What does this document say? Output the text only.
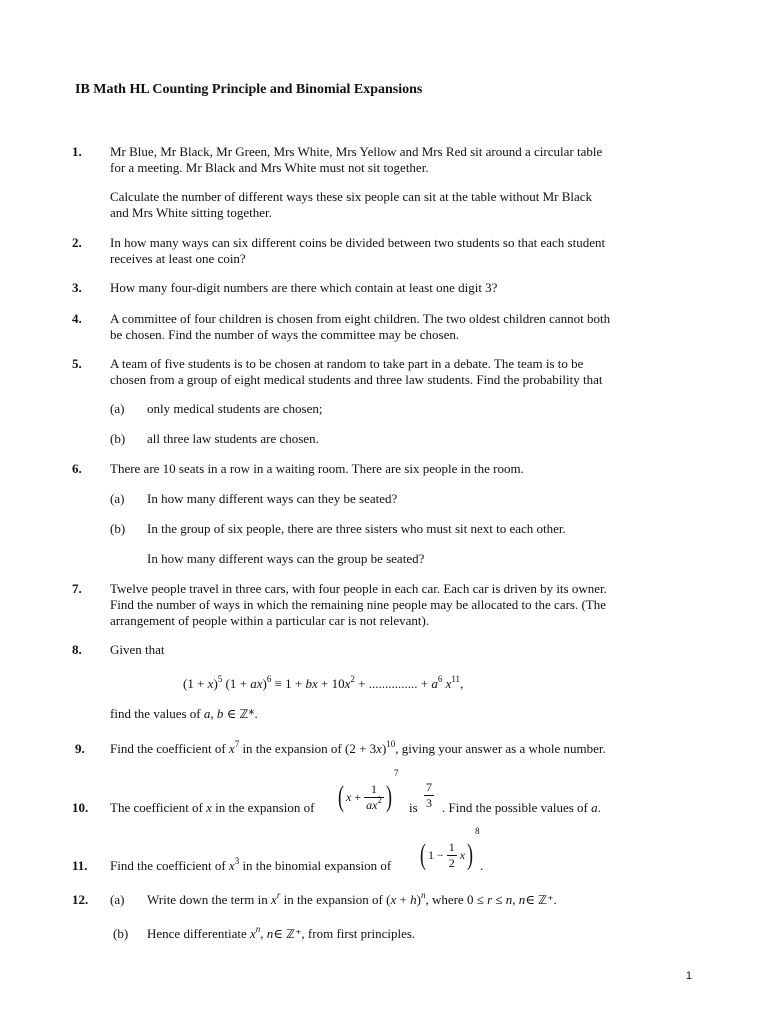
IB Math HL Counting Principle and Binomial Expansions
1. Mr Blue, Mr Black, Mr Green, Mrs White, Mrs Yellow and Mrs Red sit around a circular table
for a meeting. Mr Black and Mrs White must not sit together.
Calculate the number of different ways these six people can sit at the table without Mr Black
and Mrs White sitting together.
2. In how many ways can six different coins be divided between two students so that each student
receives at least one coin?
3. How many four-digit numbers are there which contain at least one digit 3?
4. A committee of four children is chosen from eight children. The two oldest children cannot both
be chosen. Find the number of ways the committee may be chosen.
5. A team of five students is to be chosen at random to take part in a debate. The team is to be
chosen from a group of eight medical students and three law students. Find the probability that
(a) only medical students are chosen;
(b) all three law students are chosen.
6. There are 10 seats in a row in a waiting room. There are six people in the room.
(a) In how many different ways can they be seated?
(b) In the group of six people, there are three sisters who must sit next to each other.
In how many different ways can the group be seated?
7. Twelve people travel in three cars, with four people in each car. Each car is driven by its owner.
Find the number of ways in which the remaining nine people may be allocated to the cars. (The
arrangement of people within a particular car is not relevant).
8. Given that
$(1 + x)^5$ (1 + ax)$^6$ ≡ 1 + bx + $10x^2$ + ............... + $a^6$ $x^{11}$,
find the values of a, b ∈ ℤ*.
9. Find the coefficient of $x^7$ in the expansion of $(2 + 3x)^{10}$, giving your answer as a whole number.
10. The coefficient of x in the expansion of ( $x + \frac{1}{ax^2} )^7$
is $\frac{7}{3}$ . Find the possible values of a.
11. Find the coefficient of $x^3$ in the binomial expansion of ( $1 - \frac{1}{2} x)^8$
.
12. (a) Write down the term in $x^r$ in the expansion of $(x + h)^n$, where 0 ≤ r ≤ n, n∈ ℤ⁺.
(b) Hence differentiate $x^n$, n∈ ℤ⁺, from first principles.
1
